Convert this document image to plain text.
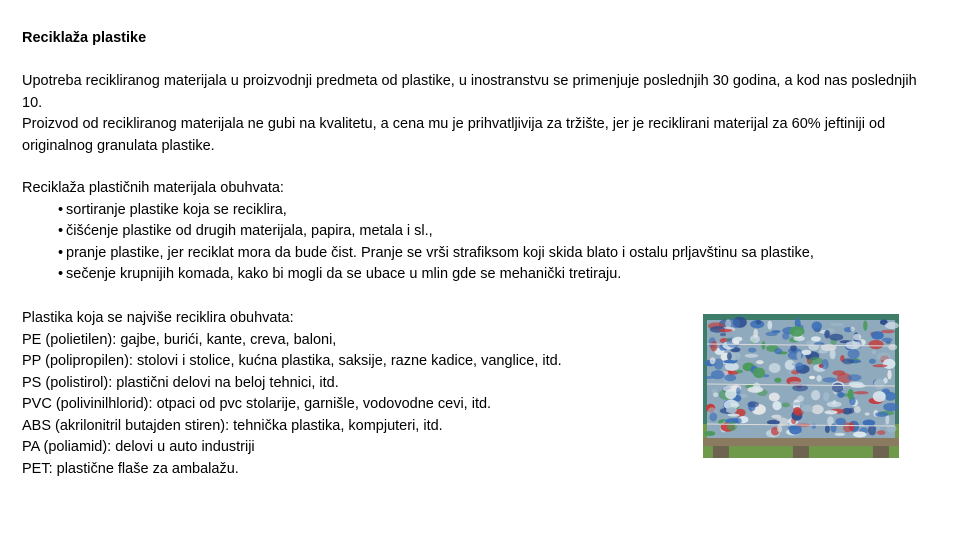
Reciklaža plastike

Upotreba recikliranog materijala u proizvodnji predmeta od plastike, u inostranstvu se primenjuje poslednjih 30 godina, a kod nas poslednjih 10.

Proizvod od recikliranog materijala ne gubi na kvalitetu, a cena mu je prihvatljivija za tržište, jer je reciklirani materijal za 60% jeftiniji od originalnog granulata plastike.

Reciklaža plastičnih materijala obuhvata:

• sortiranje plastike koja se reciklira,
• čišćenje plastike od drugih materijala, papira, metala i sl.,
• pranje plastike, jer reciklat mora da bude čist. Pranje se vrši strafiksom koji skida blato i ostalu prljavštinu sa plastike,
• sečenje krupnijih komada, kako bi mogli da se ubace u mlin gde se mehanički tretiraju.

Plastika koja se najviše reciklira obuhvata:

PE (polietilen): gajbe, burići, kante, creva, baloni,
PP (polipropilen): stolovi i stolice, kućna plastika, saksije, razne kadice, vanglice, itd.
PS (polistirol): plastični delovi na beloj tehnici, itd.
PVC (polivinilhlorid): otpaci od pvc stolarije, garnišle, vodovodne cevi, itd.
ABS (akrilonitril butajden stiren): tehnička plastika, kompjuteri, itd.
PA (poliamid): delovi u auto industriji
PET: plastične flaše za ambalažu.
